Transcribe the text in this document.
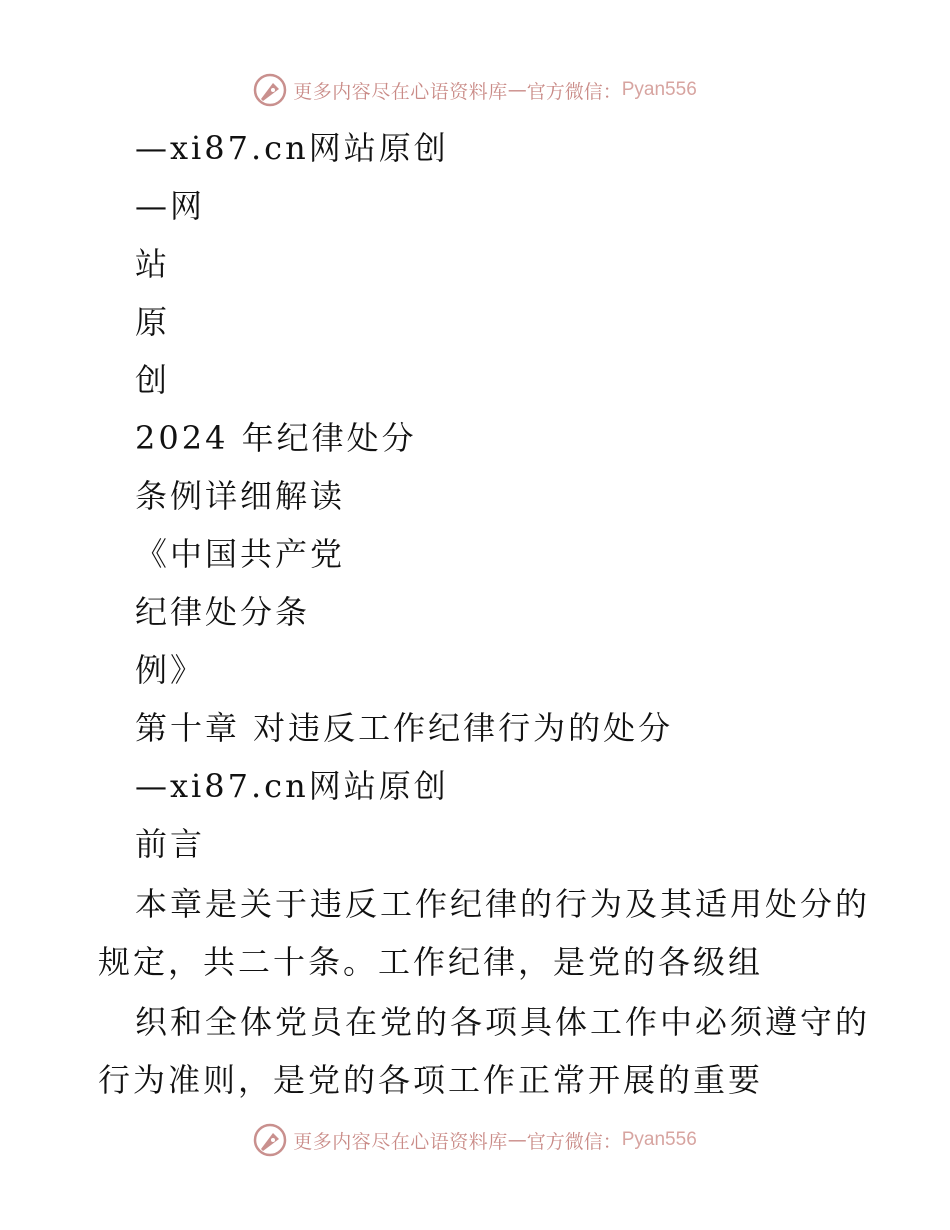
更多内容尽在心语资料库 — 官方微信： Pyan556
—xi87.cn网站原创
—网
站
原
创
2024 年纪律处分
条例详细解读
《中国共产党
纪律处分条
例》
第十章 对违反工作纪律行为的处分
—xi87.cn网站原创
前言
本章是关于违反工作纪律的行为及其适用处分的
规定，共二十条。工作纪律，是党的各级组
织和全体党员在党的各项具体工作中必须遵守的
行为准则，是党的各项工作正常开展的重要
更多内容尽在心语资料库 — 官方微信： Pyan556
